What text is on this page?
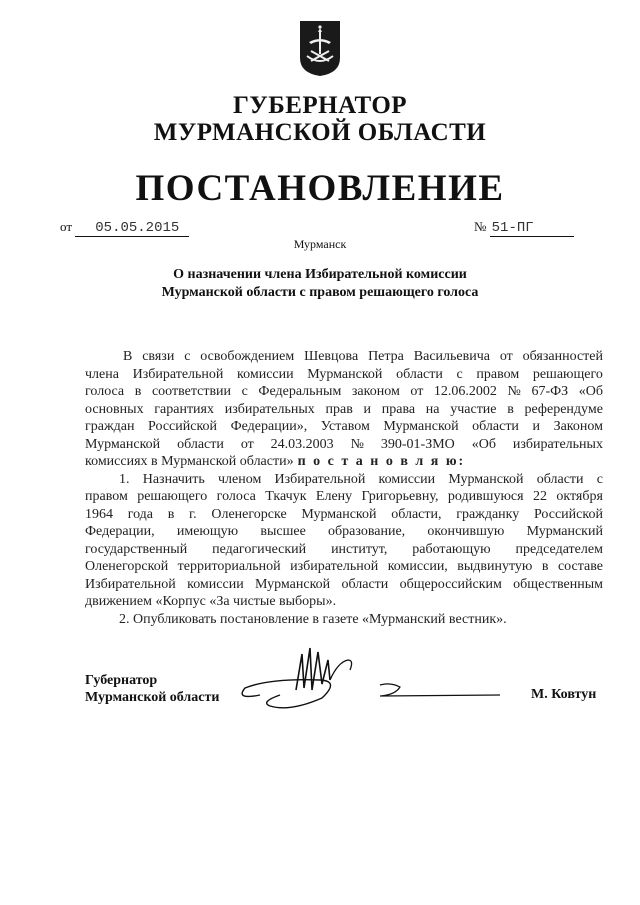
ГУБЕРНАТОР
МУРМАНСКОЙ ОБЛАСТИ
ПОСТАНОВЛЕНИЕ
от 05.05.2015	№ 51-ПГ
Мурманск
О назначении члена Избирательной комиссии
Мурманской области с правом решающего голоса
В связи с освобождением Шевцова Петра Васильевича от обязанностей
члена Избирательной комиссии Мурманской области с правом решающего
голоса в соответствии с Федеральным законом от 12.06.2002 № 67-ФЗ «Об
основных гарантиях избирательных прав и права на участие в референдуме
граждан Российской Федерации», Уставом Мурманской области и Законом
Мурманской области от 24.03.2003 № 390-01-ЗМО «Об избирательных
комиссиях в Мурманской области» п о с т а н о в л я ю:
1. Назначить членом Избирательной комиссии Мурманской области с
правом решающего голоса Ткачук Елену Григорьевну, родившуюся 22 октября
1964 года в г. Оленегорске Мурманской области, гражданку Российской
Федерации, имеющую высшее образование, окончившую Мурманский
государственный педагогический институт, работающую председателем
Оленегорской территориальной избирательной комиссии, выдвинутую в составе
Избирательной комиссии Мурманской области общероссийским общественным
движением «Корпус «За чистые выборы».
2. Опубликовать постановление в газете «Мурманский вестник».
Губернатор
Мурманской области	М. Ковтун
